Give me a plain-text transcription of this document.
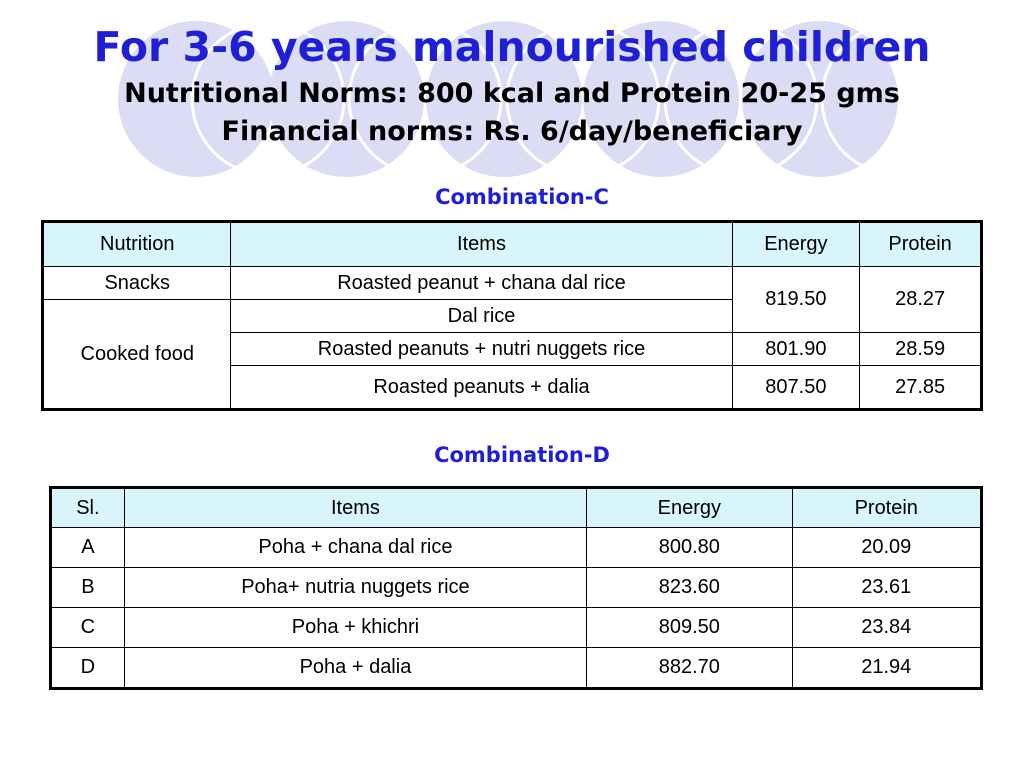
For 3-6 years malnourished children
Nutritional Norms: 800 kcal and Protein 20-25 gms
Financial norms: Rs. 6/day/beneficiary
Combination-C
Nutrition	Items	Energy	Protein
Snacks	Roasted peanut + chana dal rice	819.50	28.27
Cooked food	Dal rice		
	Roasted peanuts + nutri nuggets rice	801.90	28.59
	Roasted peanuts + dalia	807.50	27.85
Combination-D
Sl.	Items	Energy	Protein
A	Poha + chana dal rice	800.80	20.09
B	Poha+ nutria nuggets rice	823.60	23.61
C	Poha + khichri	809.50	23.84
D	Poha + dalia	882.70	21.94
